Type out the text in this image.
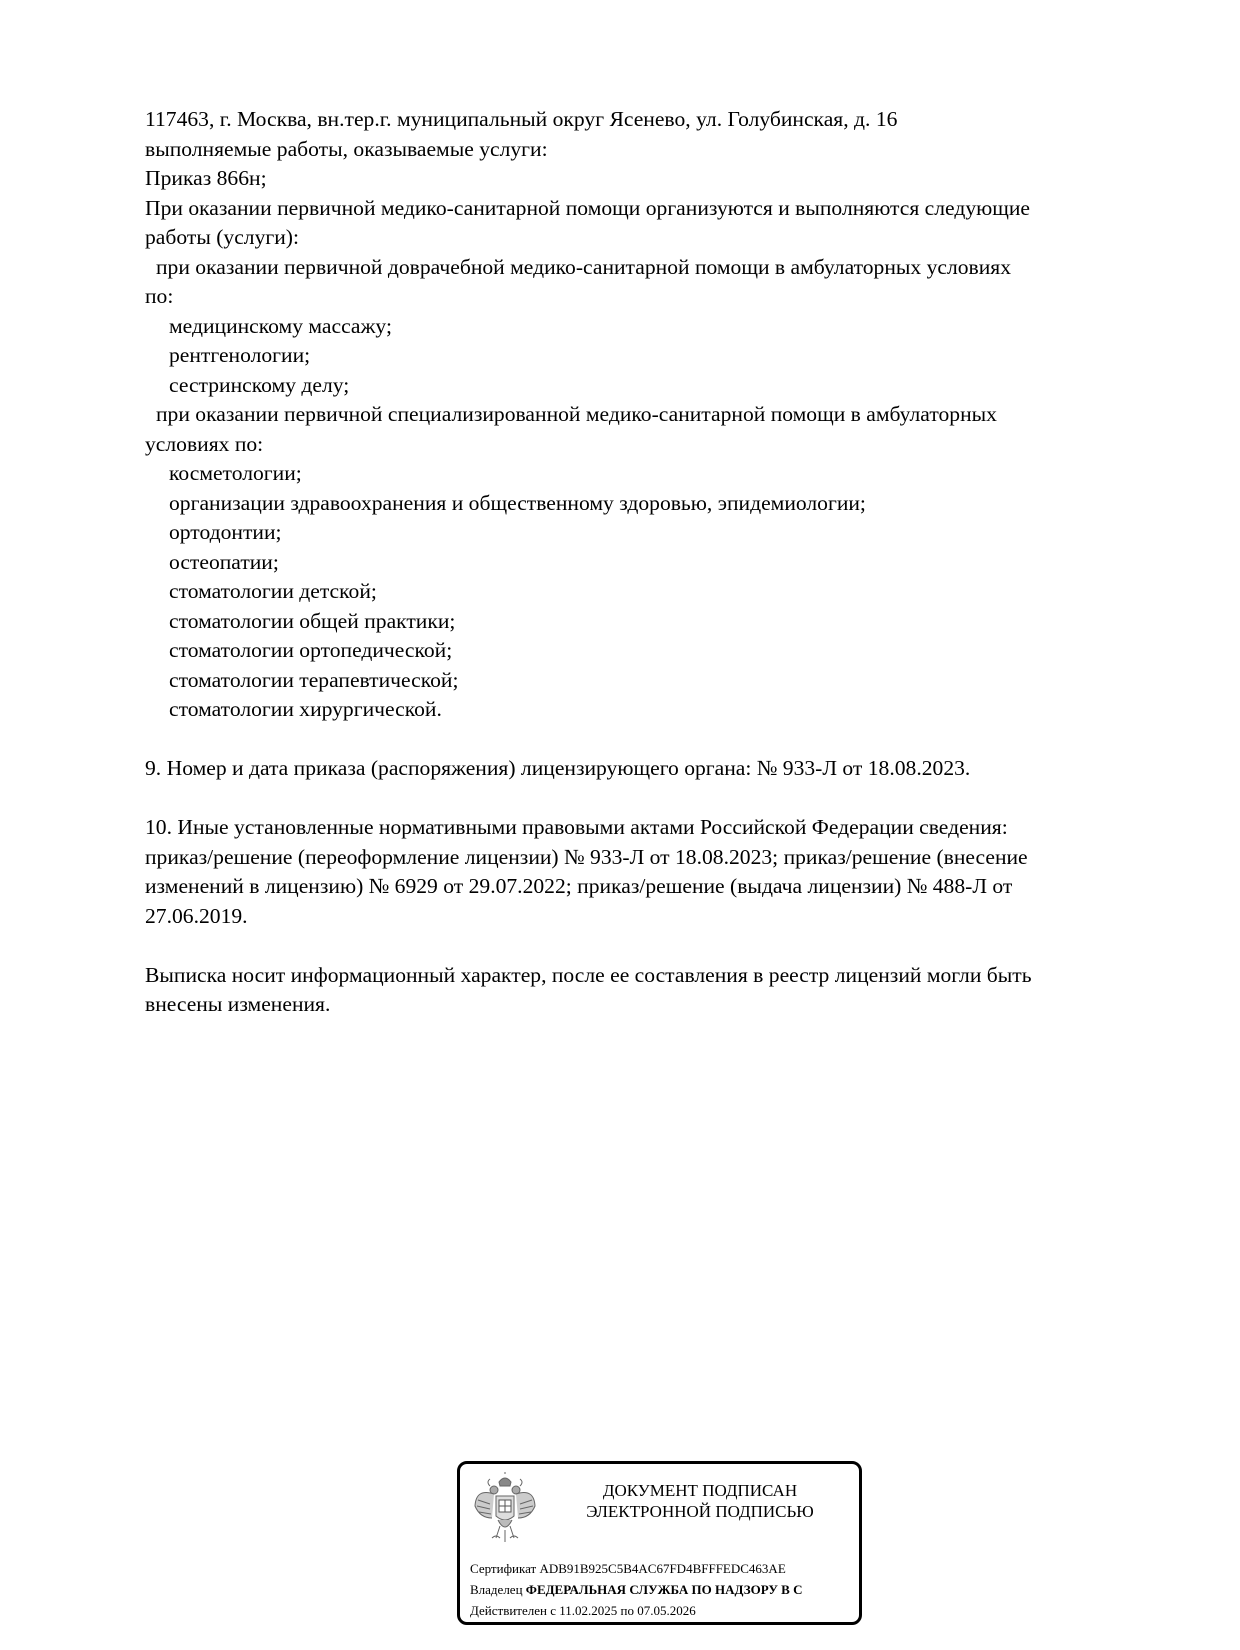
117463, г. Москва, вн.тер.г. муниципальный округ Ясенево, ул. Голубинская, д. 16
выполняемые работы, оказываемые услуги:
Приказ 866н;
При оказании первичной медико-санитарной помощи организуются и выполняются следующие
работы (услуги):
при оказании первичной доврачебной медико-санитарной помощи в амбулаторных условиях
по:
медицинскому массажу;
рентгенологии;
сестринскому делу;
при оказании первичной специализированной медико-санитарной помощи в амбулаторных
условиях по:
косметологии;
организации здравоохранения и общественному здоровью, эпидемиологии;
ортодонтии;
остеопатии;
стоматологии детской;
стоматологии общей практики;
стоматологии ортопедической;
стоматологии терапевтической;
стоматологии хирургической.
9. Номер и дата приказа (распоряжения) лицензирующего органа: № 933-Л от 18.08.2023.
10. Иные установленные нормативными правовыми актами Российской Федерации сведения:
приказ/решение (переоформление лицензии) № 933-Л от 18.08.2023; приказ/решение (внесение
изменений в лицензию) № 6929 от 29.07.2022; приказ/решение (выдача лицензии) № 488-Л от
27.06.2019.
Выписка носит информационный характер, после ее составления в реестр лицензий могли быть
внесены изменения.
ДОКУМЕНТ ПОДПИСАН
ЭЛЕКТРОННОЙ ПОДПИСЬЮ
Сертификат ADB91B925C5B4AC67FD4BFFFEDC463AE
Владелец ФЕДЕРАЛЬНАЯ СЛУЖБА ПО НАДЗОРУ В С
Действителен с 11.02.2025 по 07.05.2026
